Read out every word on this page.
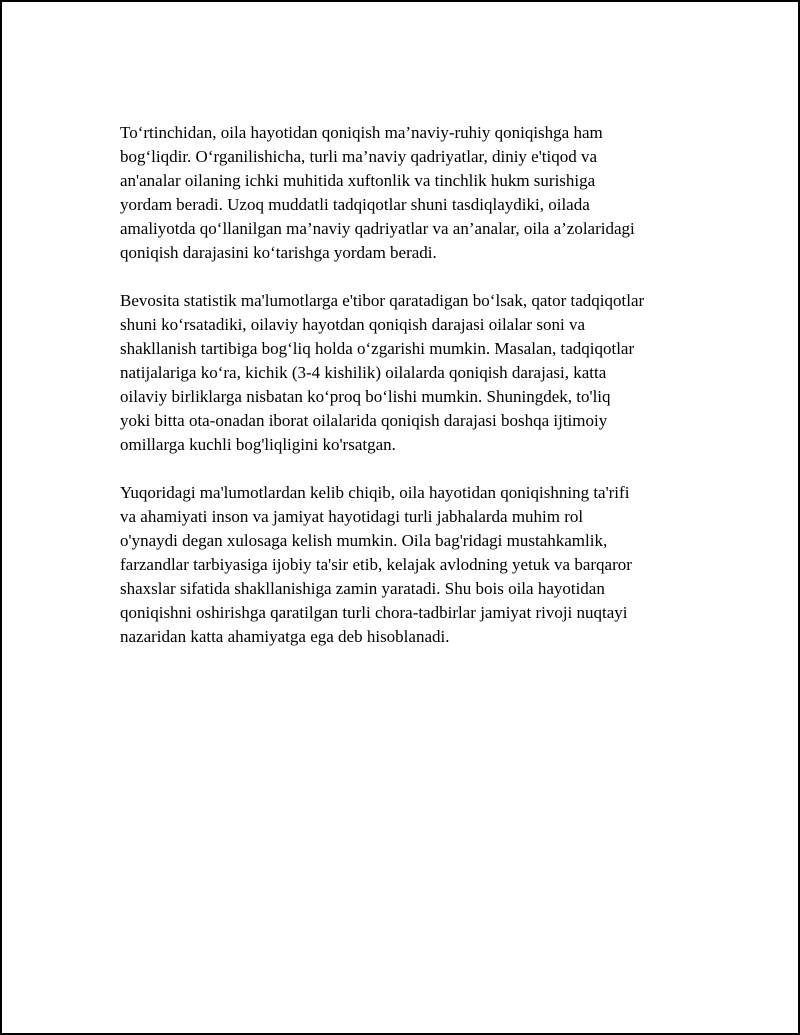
To‘rtinchidan, oila hayotidan qoniqish ma’naviy-ruhiy qoniqishga ham
bog‘liqdir. O‘rganilishicha, turli ma’naviy qadriyatlar, diniy e'tiqod va
an'analar oilaning ichki muhitida xuftonlik va tinchlik hukm surishiga
yordam beradi. Uzoq muddatli tadqiqotlar shuni tasdiqlaydiki, oilada
amaliyotda qo‘llanilgan ma’naviy qadriyatlar va an’analar, oila a’zolaridagi
qoniqish darajasini ko‘tarishga yordam beradi.

Bevosita statistik ma'lumotlarga e'tibor qaratadigan bo‘lsak, qator tadqiqotlar
shuni ko‘rsatadiki, oilaviy hayotdan qoniqish darajasi oilalar soni va
shakllanish tartibiga bog‘liq holda o‘zgarishi mumkin. Masalan, tadqiqotlar
natijalariga ko‘ra, kichik (3-4 kishilik) oilalarda qoniqish darajasi, katta
oilaviy birliklarga nisbatan ko‘proq bo‘lishi mumkin. Shuningdek, to'liq
yoki bitta ota-onadan iborat oilalarida qoniqish darajasi boshqa ijtimoiy
omillarga kuchli bog'liqligini ko'rsatgan.

Yuqoridagi ma'lumotlardan kelib chiqib, oila hayotidan qoniqishning ta'rifi
va ahamiyati inson va jamiyat hayotidagi turli jabhalarda muhim rol
o'ynaydi degan xulosaga kelish mumkin. Oila bag'ridagi mustahkamlik,
farzandlar tarbiyasiga ijobiy ta'sir etib, kelajak avlodning yetuk va barqaror
shaxslar sifatida shakllanishiga zamin yaratadi. Shu bois oila hayotidan
qoniqishni oshirishga qaratilgan turli chora-tadbirlar jamiyat rivoji nuqtayi
nazaridan katta ahamiyatga ega deb hisoblanadi.
